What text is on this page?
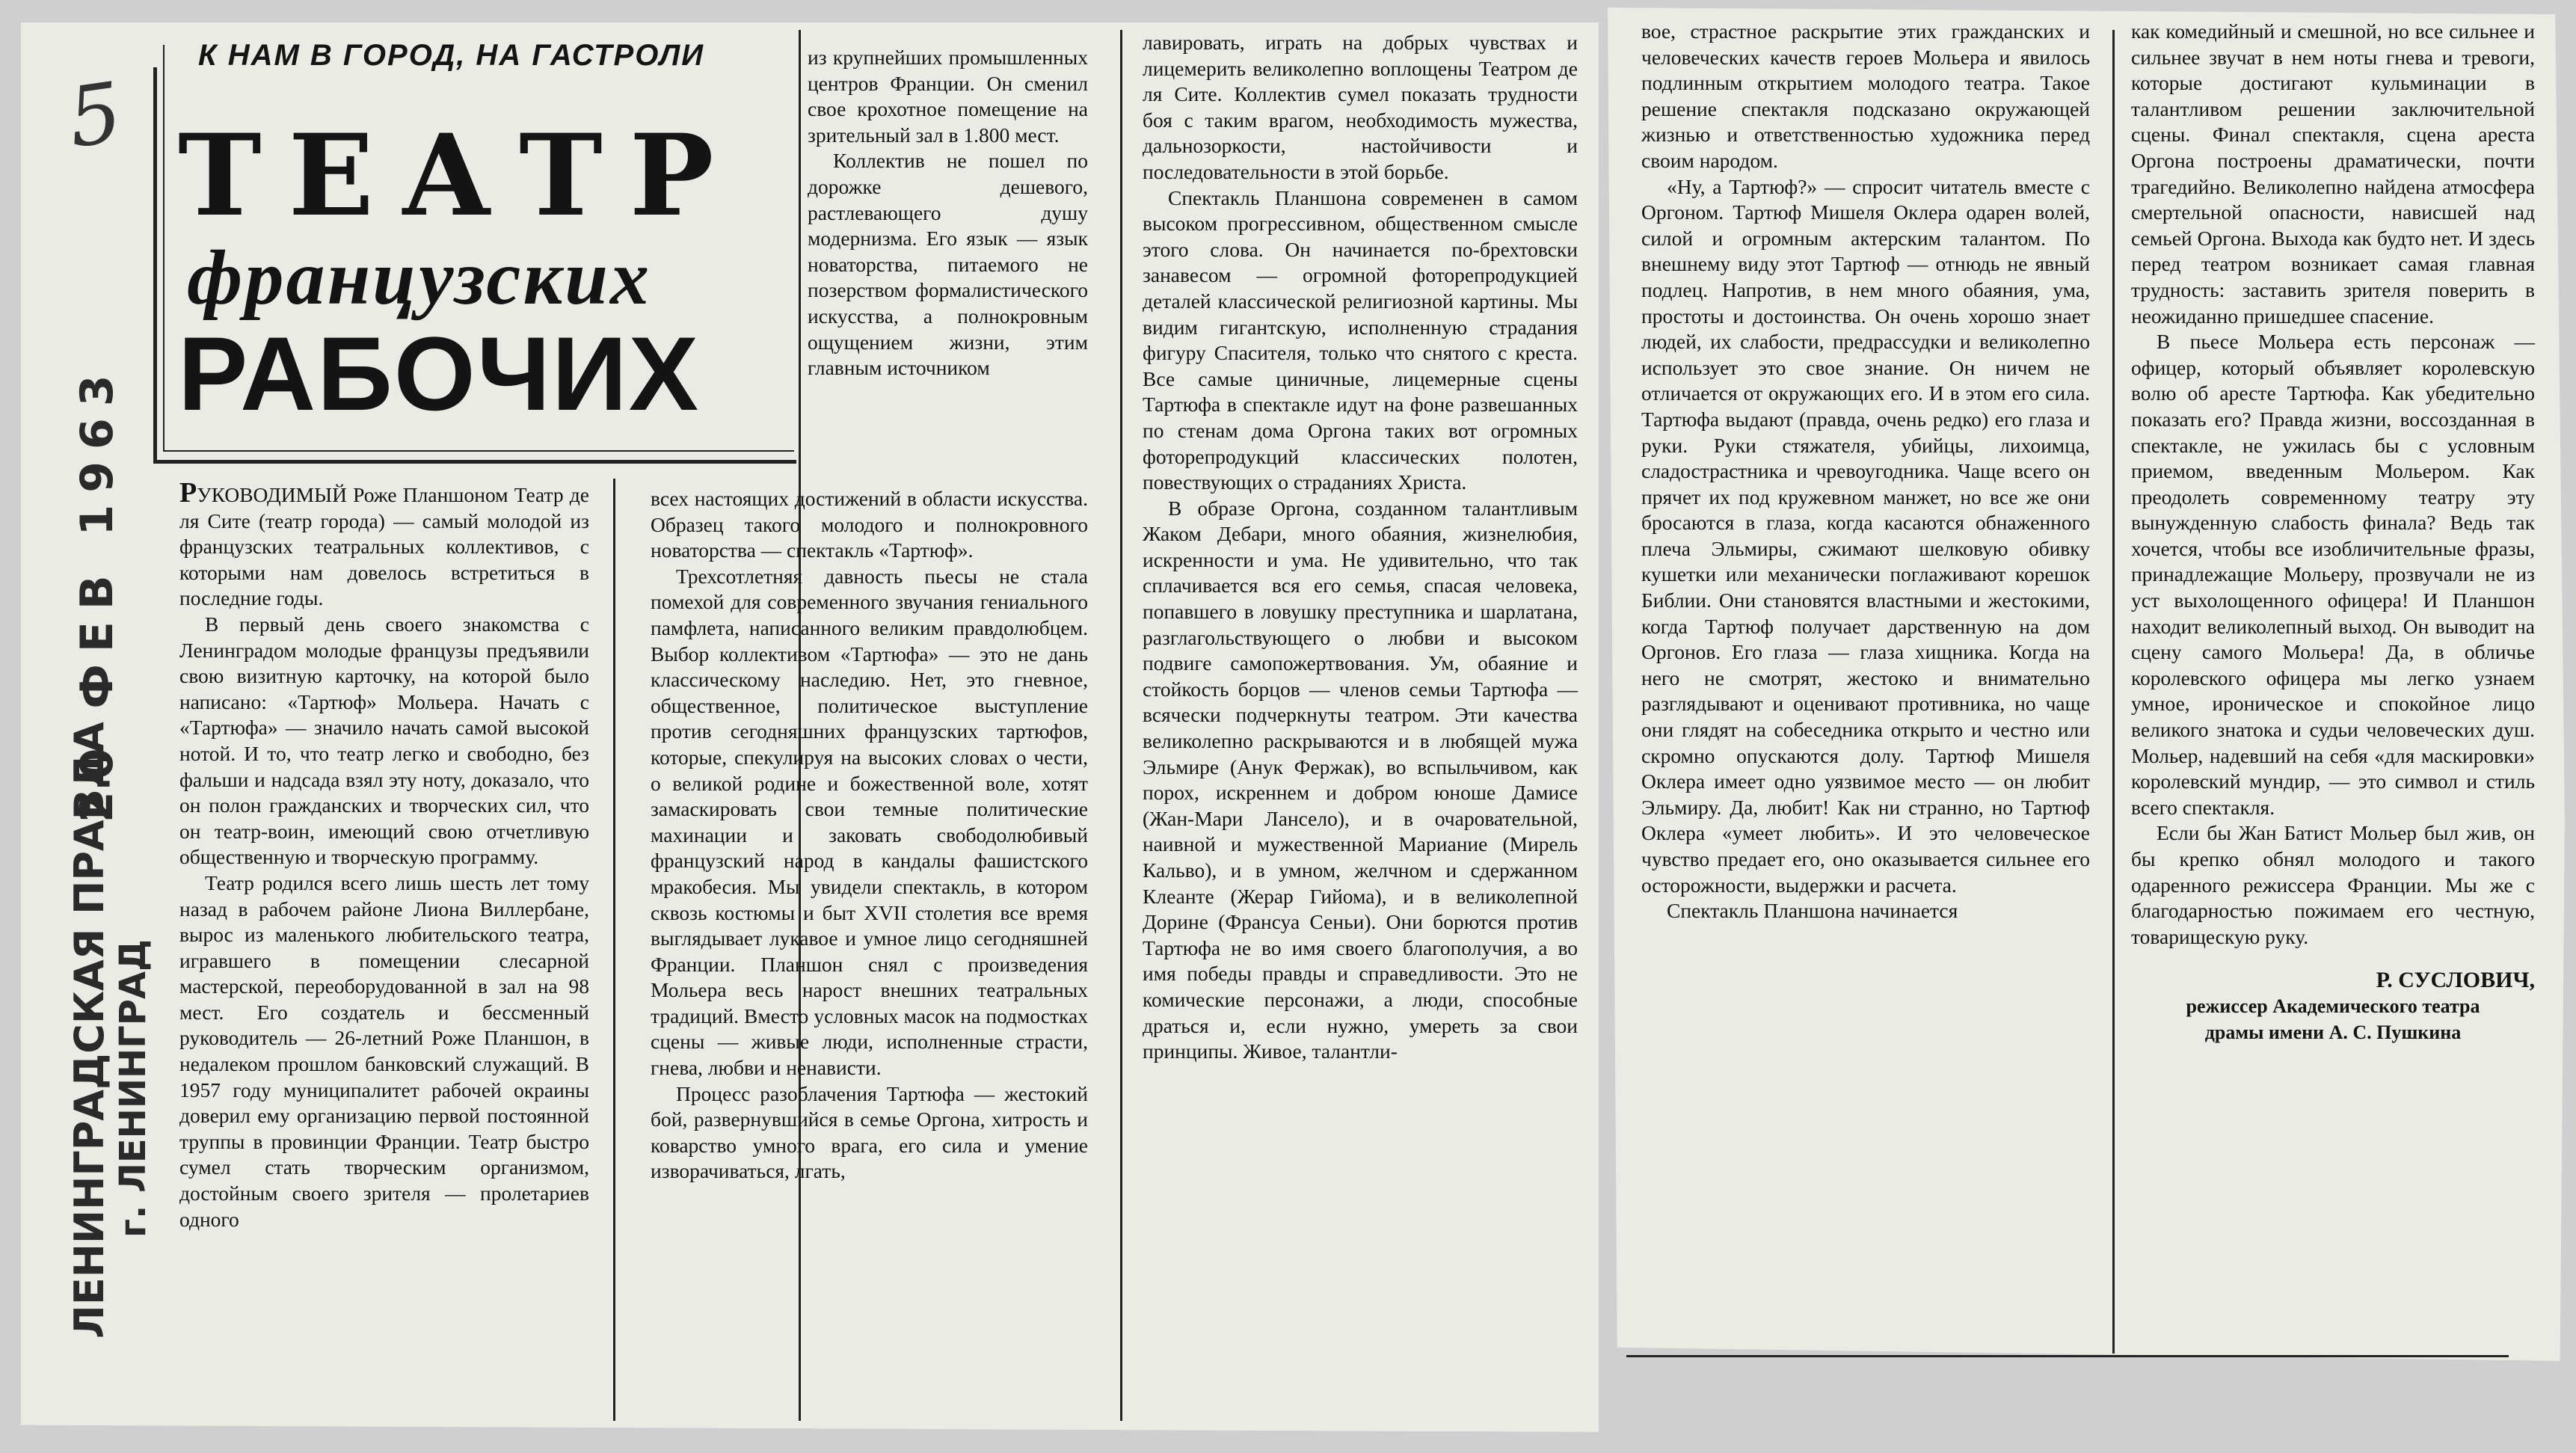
5
К НАМ В ГОРОД, НА ГАСТРОЛИ
ТЕАТР
французских
РАБОЧИХ
ЛЕНИНГРАДСКАЯ ПРАВДА г. ЛЕНИНГРАД
20 ФЕВ 1963	РУКОВОДИМЫЙ Роже Планшоном Театр де ля Сите (театр города) — самый молодой из французских театральных коллективов, с которыми нам довелось встретиться в последние годы.

В первый день своего знакомства с Ленинградом молодые французы предъявили свою визитную карточку, на которой было написано: «Тартюф» Мольера. Начать с «Тартюфа» — значило начать самой высокой нотой. И то, что театр легко и свободно, без фальши и надсада взял эту ноту, доказало, что он полон гражданских и творческих сил, что он театр-воин, имеющий свою отчетливую общественную и творческую программу.

Театр родился всего лишь шесть лет тому назад в рабочем районе Лиона Виллербане, вырос из маленького любительского театра, игравшего в помещении слесарной мастерской, переоборудованной в зал на 98 мест. Его создатель и бессменный руководитель — 26-летний Роже Планшон, в недалеком прошлом банковский служащий. В 1957 году муниципалитет рабочей окраины доверил ему организацию первой постоянной труппы в провинции Франции. Театр быстро сумел стать творческим организмом, достойным своего зрителя — пролетариев одного

из крупнейших промышленных центров Франции. Он сменил свое крохотное помещение на зрительный зал в 1.800 мест.

Коллектив не пошел по дорожке дешевого, растлевающего душу модернизма. Его язык — язык новаторства, питаемого не позерством формалистического искусства, а полнокровным ощущением жизни, этим главным источником

всех настоящих достижений в области искусства. Образец такого молодого и полнокровного новаторства — спектакль «Тартюф».

Трехсотлетняя давность пьесы не стала помехой для современного звучания гениального памфлета, написанного великим правдолюбцем. Выбор коллективом «Тартюфа» — это не дань классическому наследию. Нет, это гневное, общественное, политическое выступление против сегодняшних французских тартюфов, которые, спекулируя на высоких словах о чести, о великой родине и божественной воле, хотят замаскировать свои темные политические махинации и заковать свободолюбивый французский народ в кандалы фашистского мракобесия. Мы увидели спектакль, в котором сквозь костюмы и быт XVII столетия все время выглядывает лукавое и умное лицо сегодняшней Франции. Планшон снял с произведения Мольера весь нарост внешних театральных традиций. Вместо условных масок на подмостках сцены — живые люди, исполненные страсти, гнева, любви и ненависти.

Процесс разоблачения Тартюфа — жестокий бой, развернувшийся в семье Оргона, хитрость и коварство умного врага, его сила и умение изворачиваться, лгать,

лавировать, играть на добрых чувствах и лицемерить великолепно воплощены Театром де ля Сите. Коллектив сумел показать трудности боя с таким врагом, необходимость мужества, дальнозоркости, настойчивости и последовательности в этой борьбе.

Спектакль Планшона современен в самом высоком прогрессивном, общественном смысле этого слова. Он начинается по-брехтовски занавесом — огромной фоторепродукцией деталей классической религиозной картины. Мы видим гигантскую, исполненную страдания фигуру Спасителя, только что снятого с креста. Все самые циничные, лицемерные сцены Тартюфа в спектакле идут на фоне развешанных по стенам дома Оргона таких вот огромных фоторепродукций классических полотен, повествующих о страданиях Христа.

В образе Оргона, созданном талантливым Жаком Дебари, много обаяния, жизнелюбия, искренности и ума. Не удивительно, что так сплачивается вся его семья, спасая человека, попавшего в ловушку преступника и шарлатана, разглагольствующего о любви и высоком подвиге самопожертвования. Ум, обаяние и стойкость борцов — членов семьи Тартюфа — всячески подчеркнуты театром. Эти качества великолепно раскрываются и в любящей мужа Эльмире (Анук Фержак), во вспыльчивом, как порох, искреннем и добром юноше Дамисе (Жан-Мари Лансело), и в очаровательной, наивной и мужественной Мариание (Мирель Кальво), и в умном, желчном и сдержанном Клеанте (Жерар Гийома), и в великолепной Дорине (Франсуа Сеньи). Они борются против Тартюфа не во имя своего благополучия, а во имя победы правды и справедливости. Это не комические персонажи, а люди, способные драться и, если нужно, умереть за свои принципы. Живое, талантли-

вое, страстное раскрытие этих гражданских и человеческих качеств героев Мольера и явилось подлинным открытием молодого театра. Такое решение спектакля подсказано окружающей жизнью и ответственностью художника перед своим народом.

«Ну, а Тартюф?» — спросит читатель вместе с Оргоном. Тартюф Мишеля Оклера одарен волей, силой и огромным актерским талантом. По внешнему виду этот Тартюф — отнюдь не явный подлец. Напротив, в нем много обаяния, ума, простоты и достоинства. Он очень хорошо знает людей, их слабости, предрассудки и великолепно использует это свое знание. Он ничем не отличается от окружающих его. И в этом его сила. Тартюфа выдают (правда, очень редко) его глаза и руки. Руки стяжателя, убийцы, лихоимца, сладострастника и чревоугодника. Чаще всего он прячет их под кружевном манжет, но все же они бросаются в глаза, когда касаются обнаженного плеча Эльмиры, сжимают шелковую обивку кушетки или механически поглаживают корешок Библии. Они становятся властными и жестокими, когда Тартюф получает дарственную на дом Оргонов. Его глаза — глаза хищника. Когда на него не смотрят, жестоко и внимательно разглядывают и оценивают противника, но чаще они глядят на собеседника открыто и честно или скромно опускаются долу. Тартюф Мишеля Оклера имеет одно уязвимое место — он любит Эльмиру. Да, любит! Как ни странно, но Тартюф Оклера «умеет любить». И это человеческое чувство предает его, оно оказывается сильнее его осторожности, выдержки и расчета.

Спектакль Планшона начинается

как комедийный и смешной, но все сильнее и сильнее звучат в нем ноты гнева и тревоги, которые достигают кульминации в талантливом решении заключительной сцены. Финал спектакля, сцена ареста Оргона построены драматически, почти трагедийно. Великолепно найдена атмосфера смертельной опасности, нависшей над семьей Оргона. Выхода как будто нет. И здесь перед театром возникает самая главная трудность: заставить зрителя поверить в неожиданно пришедшее спасение.

В пьесе Мольера есть персонаж — офицер, который объявляет королевскую волю об аресте Тартюфа. Как убедительно показать его? Правда жизни, воссозданная в спектакле, не ужилась бы с условным приемом, введенным Мольером. Как преодолеть современному театру эту вынужденную слабость финала? Ведь так хочется, чтобы все изобличительные фразы, принадлежащие Мольеру, прозвучали не из уст выхолощенного офицера! И Планшон находит великолепный выход. Он выводит на сцену самого Мольера! Да, в обличье королевского офицера мы легко узнаем умное, ироническое и спокойное лицо великого знатока и судьи человеческих душ. Мольер, надевший на себя «для маскировки» королевский мундир, — это символ и стиль всего спектакля.

Если бы Жан Батист Мольер был жив, он бы крепко обнял молодого и такого одаренного режиссера Франции. Мы же с благодарностью пожимаем его честную, товарищескую руку.

Р. СУСЛОВИЧ,
режиссер Академического театра
драмы имени А. С. Пушкина
